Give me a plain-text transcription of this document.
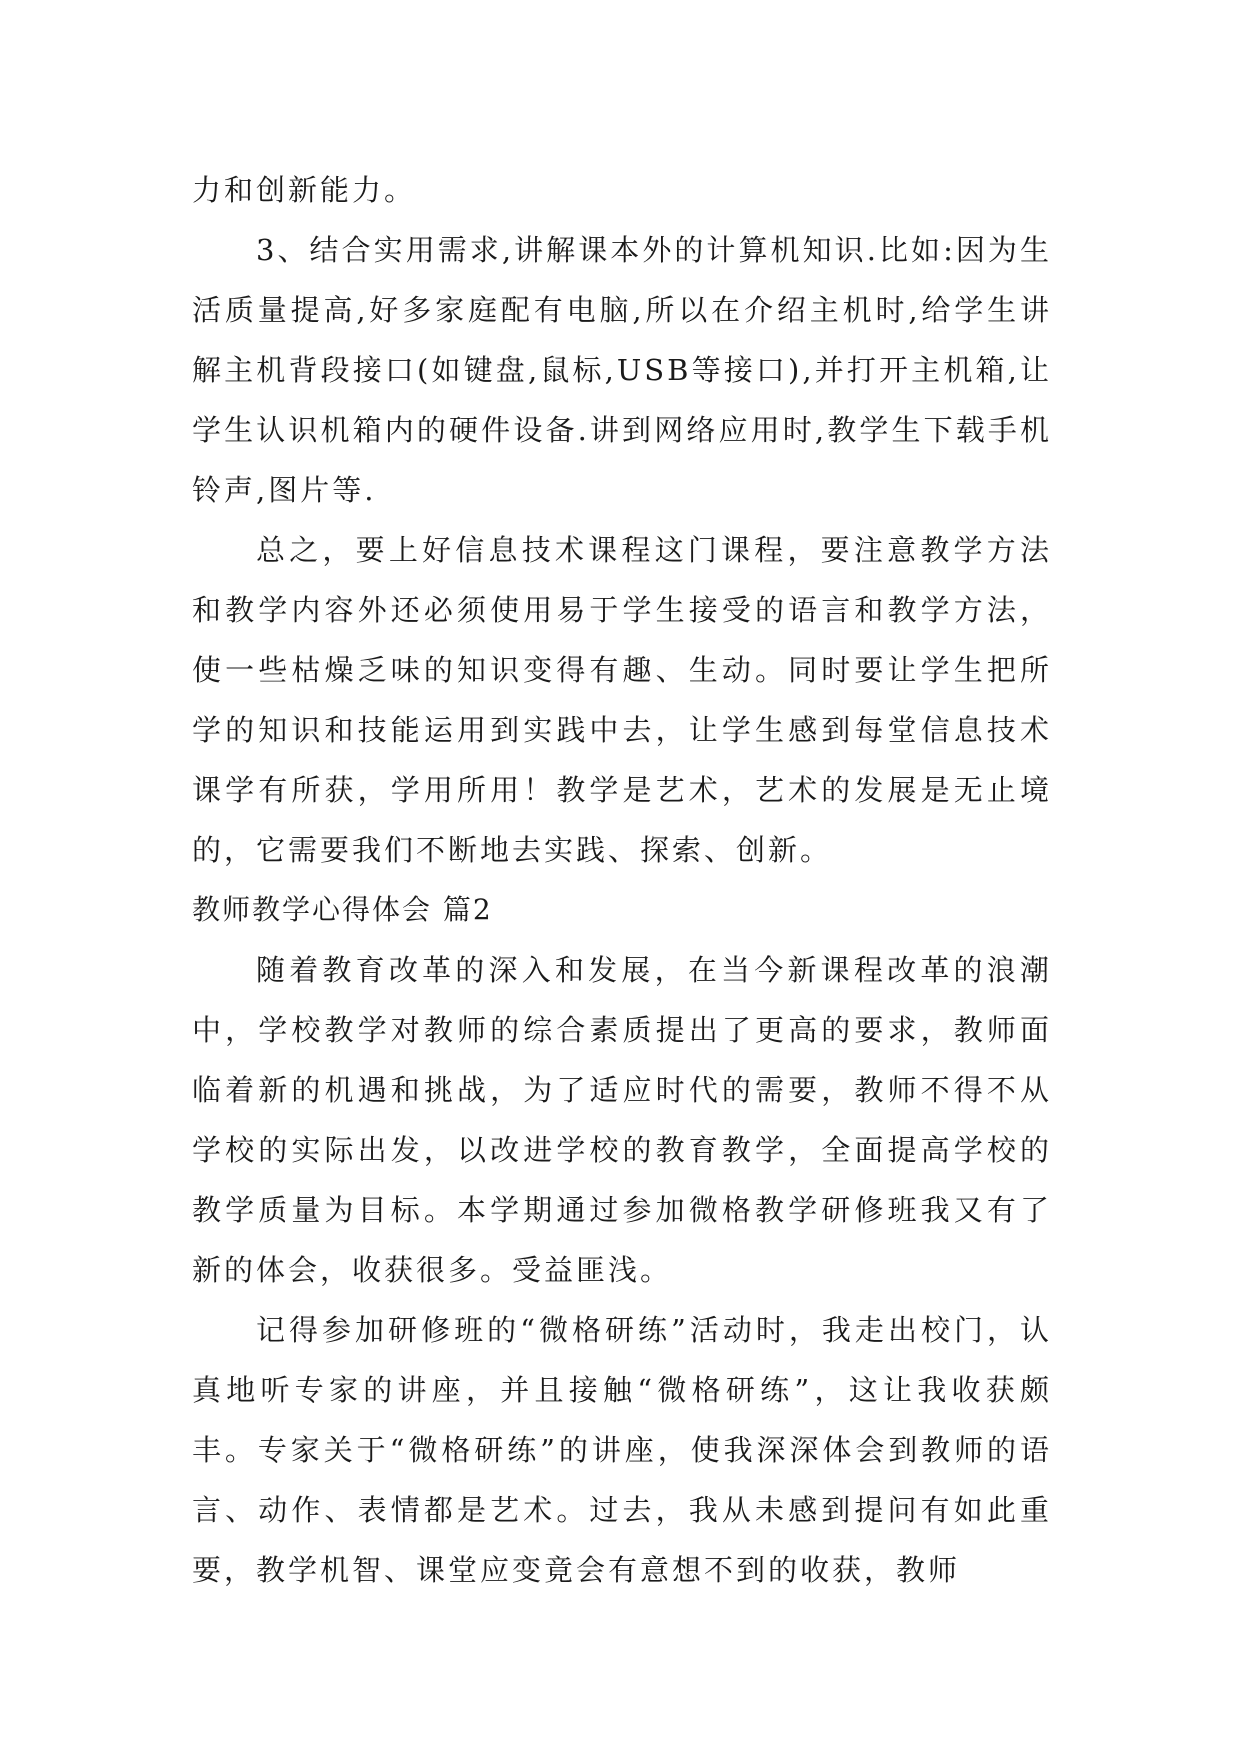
力和创新能力。

3、结合实用需求,讲解课本外的计算机知识.比如:因为生活质量提高,好多家庭配有电脑,所以在介绍主机时,给学生讲解主机背段接口(如键盘,鼠标,USB等接口),并打开主机箱,让学生认识机箱内的硬件设备.讲到网络应用时,教学生下载手机铃声,图片等.

总之，要上好信息技术课程这门课程，要注意教学方法和教学内容外还必须使用易于学生接受的语言和教学方法，使一些枯燥乏味的知识变得有趣、生动。同时要让学生把所学的知识和技能运用到实践中去，让学生感到每堂信息技术课学有所获，学用所用！教学是艺术，艺术的发展是无止境的，它需要我们不断地去实践、探索、创新。

教师教学心得体会 篇2

随着教育改革的深入和发展，在当今新课程改革的浪潮中，学校教学对教师的综合素质提出了更高的要求，教师面临着新的机遇和挑战，为了适应时代的需要，教师不得不从学校的实际出发，以改进学校的教育教学，全面提高学校的教学质量为目标。本学期通过参加微格教学研修班我又有了新的体会，收获很多。受益匪浅。

记得参加研修班的“微格研练”活动时，我走出校门，认真地听专家的讲座，并且接触“微格研练”，这让我收获颇丰。专家关于“微格研练”的讲座，使我深深体会到教师的语言、动作、表情都是艺术。过去，我从未感到提问有如此重要，教学机智、课堂应变竟会有意想不到的收获，教师
